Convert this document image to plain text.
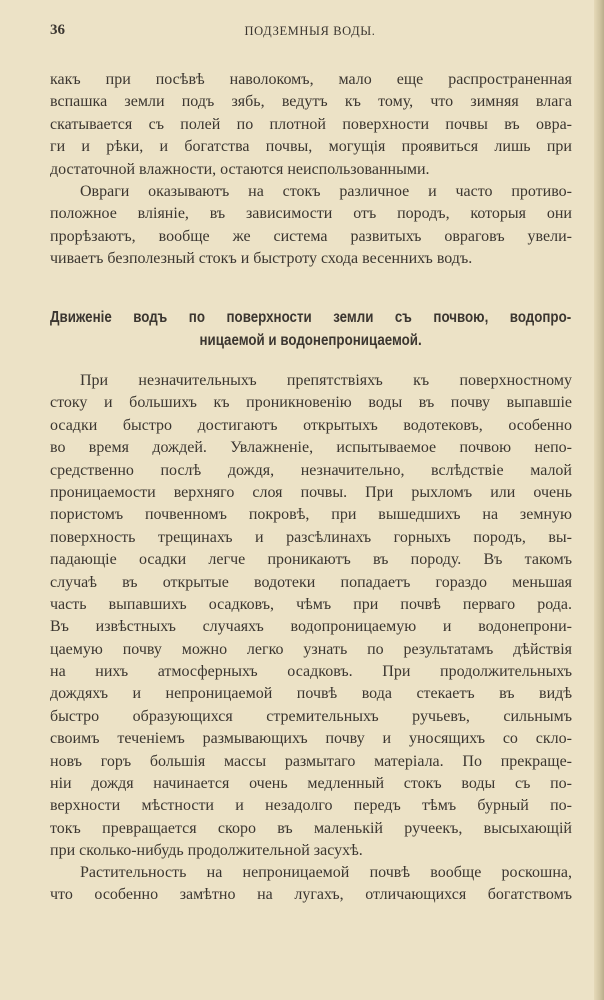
36	ПОДЗЕМНЫЯ ВОДЫ.
какъ при посѣвѣ наволокомъ, мало еще распространенная
вспашка земли подъ зябь, ведутъ къ тому, что зимняя влага
скатывается съ полей по плотной поверхности почвы въ овра-
ги и рѣки, и богатства почвы, могущія проявиться лишь при
достаточной влажности, остаются неиспользованными.
Овраги оказываютъ на стокъ различное и часто противо-
положное вліяніе, въ зависимости отъ породъ, которыя они
прорѣзаютъ, вообще же система развитыхъ овраговъ увели-
чиваетъ безполезный стокъ и быстроту схода весеннихъ водъ.
Движеніе водъ по поверхности земли съ почвою, водопро-
ницаемой и водонепроницаемой.
При незначительныхъ препятствіяхъ къ поверхностному
стоку и большихъ къ проникновенію воды въ почву выпавшіе
осадки быстро достигаютъ открытыхъ водотековъ, особенно
во время дождей. Увлажненіе, испытываемое почвою непо-
средственно послѣ дождя, незначительно, вслѣдствіе малой
проницаемости верхняго слоя почвы. При рыхломъ или очень
пористомъ почвенномъ покровѣ, при вышедшихъ на земную
поверхность трещинахъ и разсѣлинахъ горныхъ породъ, вы-
падающіе осадки легче проникаютъ въ породу. Въ такомъ
случаѣ въ открытые водотеки попадаетъ гораздо меньшая
часть выпавшихъ осадковъ, чѣмъ при почвѣ перваго рода.
Въ извѣстныхъ случаяхъ водопроницаемую и водонепрони-
цаемую почву можно легко узнать по результатамъ дѣйствія
на нихъ атмосферныхъ осадковъ. При продолжительныхъ
дождяхъ и непроницаемой почвѣ вода стекаетъ въ видѣ
быстро образующихся стремительныхъ ручьевъ, сильнымъ
своимъ теченіемъ размывающихъ почву и уносящихъ со скло-
новъ горъ большія массы размытаго матеріала. По прекраще-
ніи дождя начинается очень медленный стокъ воды съ по-
верхности мѣстности и незадолго передъ тѣмъ бурный по-
токъ превращается скоро въ маленькій ручеекъ, высыхающій
при сколько-нибудь продолжительной засухѣ.
Растительность на непроницаемой почвѣ вообще роскошна,
что особенно замѣтно на лугахъ, отличающихся богатствомъ
